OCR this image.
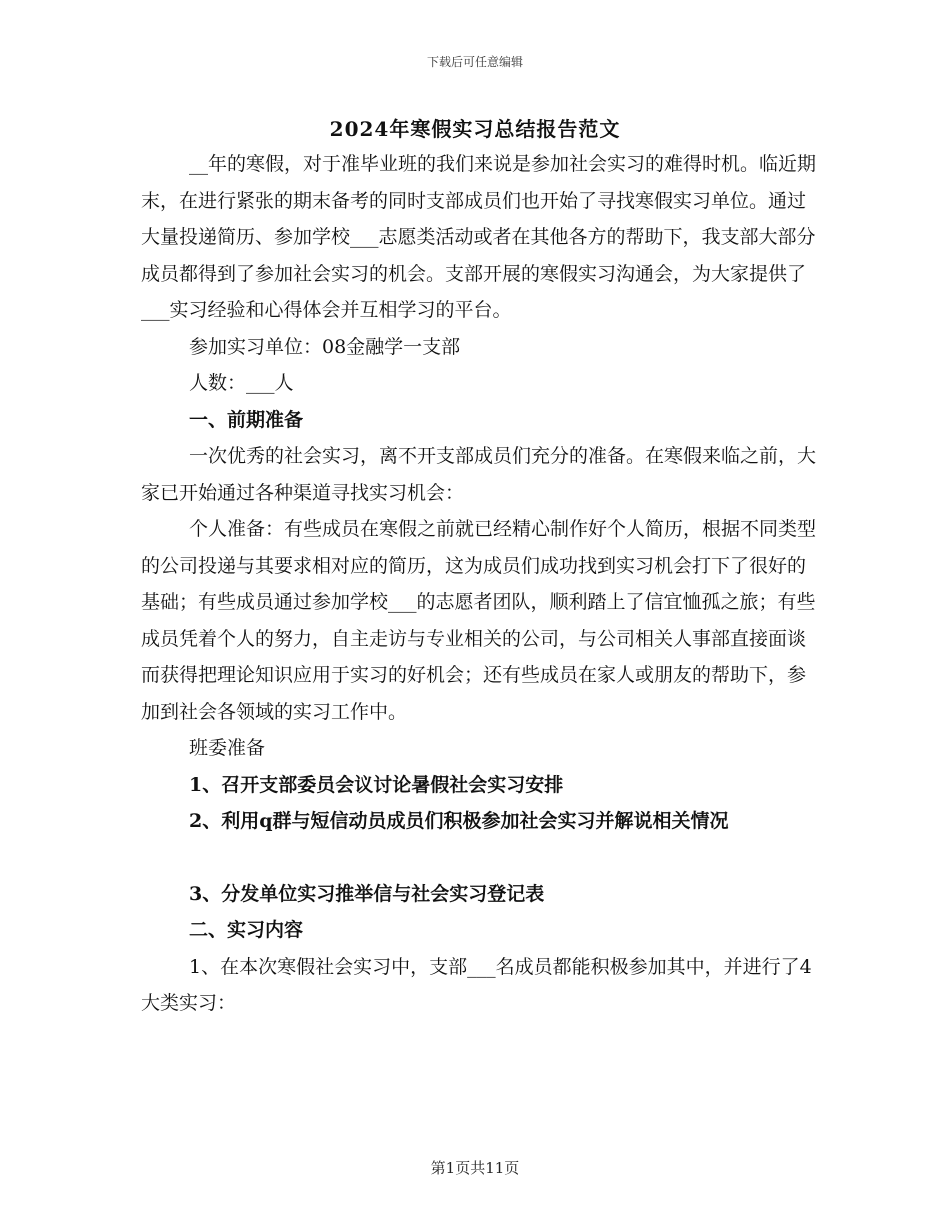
下载后可任意编辑
2024年寒假实习总结报告范文

__年的寒假，对于准毕业班的我们来说是参加社会实习的难得时机。临近期末，在进行紧张的期末备考的同时支部成员们也开始了寻找寒假实习单位。通过大量投递简历、参加学校___志愿类活动或者在其他各方的帮助下，我支部大部分成员都得到了参加社会实习的机会。支部开展的寒假实习沟通会，为大家提供了___实习经验和心得体会并互相学习的平台。

参加实习单位：08金融学一支部

人数：___人

一、前期准备

一次优秀的社会实习，离不开支部成员们充分的准备。在寒假来临之前，大家已开始通过各种渠道寻找实习机会：

个人准备：有些成员在寒假之前就已经精心制作好个人简历，根据不同类型的公司投递与其要求相对应的简历，这为成员们成功找到实习机会打下了很好的基础；有些成员通过参加学校___的志愿者团队，顺利踏上了信宜恤孤之旅；有些成员凭着个人的努力，自主走访与专业相关的公司，与公司相关人事部直接面谈而获得把理论知识应用于实习的好机会；还有些成员在家人或朋友的帮助下，参加到社会各领域的实习工作中。

班委准备

1、召开支部委员会议讨论暑假社会实习安排

2、利用q群与短信动员成员们积极参加社会实习并解说相关情况

3、分发单位实习推举信与社会实习登记表

二、实习内容

1、在本次寒假社会实习中，支部___名成员都能积极参加其中，并进行了4大类实习：

第1页共11页
